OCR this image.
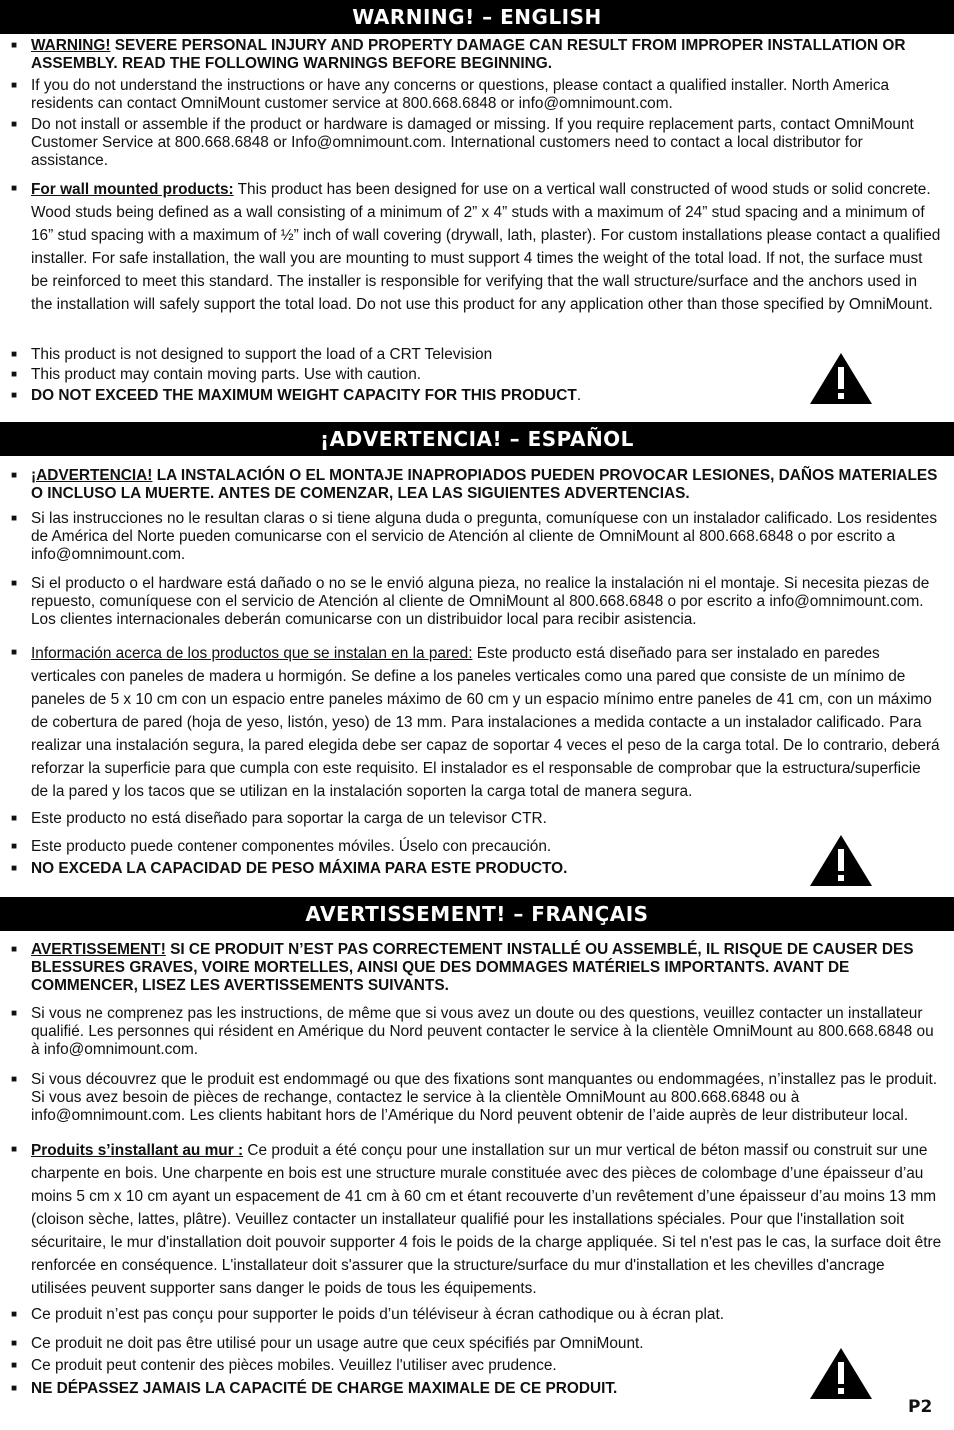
WARNING! – ENGLISH
■ WARNING! SEVERE PERSONAL INJURY AND PROPERTY DAMAGE CAN RESULT FROM IMPROPER INSTALLATION OR ASSEMBLY. READ THE FOLLOWING WARNINGS BEFORE BEGINNING.
■ If you do not understand the instructions or have any concerns or questions, please contact a qualified installer. North America residents can contact OmniMount customer service at 800.668.6848 or info@omnimount.com.
■ Do not install or assemble if the product or hardware is damaged or missing. If you require replacement parts, contact OmniMount Customer Service at 800.668.6848 or Info@omnimount.com. International customers need to contact a local distributor for assistance.
■ For wall mounted products: This product has been designed for use on a vertical wall constructed of wood studs or solid concrete. Wood studs being defined as a wall consisting of a minimum of 2” x 4” studs with a maximum of 24” stud spacing and a minimum of 16” stud spacing with a maximum of ½” inch of wall covering (drywall, lath, plaster). For custom installations please contact a qualified installer. For safe installation, the wall you are mounting to must support 4 times the weight of the total load. If not, the surface must be reinforced to meet this standard. The installer is responsible for verifying that the wall structure/surface and the anchors used in the installation will safely support the total load. Do not use this product for any application other than those specified by OmniMount.
■ This product is not designed to support the load of a CRT Television
■ This product may contain moving parts. Use with caution.
■ DO NOT EXCEED THE MAXIMUM WEIGHT CAPACITY FOR THIS PRODUCT.
¡ADVERTENCIA! – ESPAÑOL
■ ¡ADVERTENCIA! LA INSTALACIÓN O EL MONTAJE INAPROPIADOS PUEDEN PROVOCAR LESIONES, DAÑOS MATERIALES O INCLUSO LA MUERTE. ANTES DE COMENZAR, LEA LAS SIGUIENTES ADVERTENCIAS.
■ Si las instrucciones no le resultan claras o si tiene alguna duda o pregunta, comuníquese con un instalador calificado. Los residentes de América del Norte pueden comunicarse con el servicio de Atención al cliente de OmniMount al 800.668.6848 o por escrito a info@omnimount.com.
■ Si el producto o el hardware está dañado o no se le envió alguna pieza, no realice la instalación ni el montaje. Si necesita piezas de repuesto, comuníquese con el servicio de Atención al cliente de OmniMount al 800.668.6848 o por escrito a info@omnimount.com. Los clientes internacionales deberán comunicarse con un distribuidor local para recibir asistencia.
■ Información acerca de los productos que se instalan en la pared: Este producto está diseñado para ser instalado en paredes verticales con paneles de madera u hormigón. Se define a los paneles verticales como una pared que consiste de un mínimo de paneles de 5 x 10 cm con un espacio entre paneles máximo de 60 cm y un espacio mínimo entre paneles de 41 cm, con un máximo de cobertura de pared (hoja de yeso, listón, yeso) de 13 mm. Para instalaciones a medida contacte a un instalador calificado. Para realizar una instalación segura, la pared elegida debe ser capaz de soportar 4 veces el peso de la carga total. De lo contrario, deberá reforzar la superficie para que cumpla con este requisito. El instalador es el responsable de comprobar que la estructura/superficie de la pared y los tacos que se utilizan en la instalación soporten la carga total de manera segura.
■ Este producto no está diseñado para soportar la carga de un televisor CTR.
■ Este producto puede contener componentes móviles. Úselo con precaución.
■ NO EXCEDA LA CAPACIDAD DE PESO MÁXIMA PARA ESTE PRODUCTO.
AVERTISSEMENT! – FRANÇAIS
■ AVERTISSEMENT! SI CE PRODUIT N’EST PAS CORRECTEMENT INSTALLÉ OU ASSEMBLÉ, IL RISQUE DE CAUSER DES BLESSURES GRAVES, VOIRE MORTELLES, AINSI QUE DES DOMMAGES MATÉRIELS IMPORTANTS. AVANT DE COMMENCER, LISEZ LES AVERTISSEMENTS SUIVANTS.
■ Si vous ne comprenez pas les instructions, de même que si vous avez un doute ou des questions, veuillez contacter un installateur qualifié. Les personnes qui résident en Amérique du Nord peuvent contacter le service à la clientèle OmniMount au 800.668.6848 ou à info@omnimount.com.
■ Si vous découvrez que le produit est endommagé ou que des fixations sont manquantes ou endommagées, n’installez pas le produit. Si vous avez besoin de pièces de rechange, contactez le service à la clientèle OmniMount au 800.668.6848 ou à info@omnimount.com. Les clients habitant hors de l’Amérique du Nord peuvent obtenir de l’aide auprès de leur distributeur local.
■ Produits s’installant au mur : Ce produit a été conçu pour une installation sur un mur vertical de béton massif ou construit sur une charpente en bois. Une charpente en bois est une structure murale constituée avec des pièces de colombage d’une épaisseur d’au moins 5 cm x 10 cm ayant un espacement de 41 cm à 60 cm et étant recouverte d’un revêtement d’une épaisseur d’au moins 13 mm (cloison sèche, lattes, plâtre). Veuillez contacter un installateur qualifié pour les installations spéciales. Pour que l'installation soit sécuritaire, le mur d'installation doit pouvoir supporter 4 fois le poids de la charge appliquée. Si tel n'est pas le cas, la surface doit être renforcée en conséquence. L'installateur doit s'assurer que la structure/surface du mur d'installation et les chevilles d'ancrage utilisées peuvent supporter sans danger le poids de tous les équipements.
■ Ce produit n’est pas conçu pour supporter le poids d’un téléviseur à écran cathodique ou à écran plat.
■ Ce produit ne doit pas être utilisé pour un usage autre que ceux spécifiés par OmniMount.
■ Ce produit peut contenir des pièces mobiles. Veuillez l'utiliser avec prudence.
■ NE DÉPASSEZ JAMAIS LA CAPACITÉ DE CHARGE MAXIMALE DE CE PRODUIT.
P2
